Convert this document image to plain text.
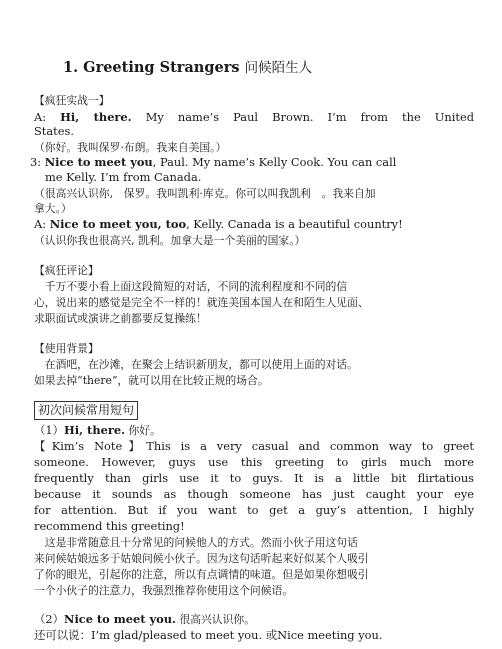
1. Greeting Strangers 问候陌生人
【疯狂实战一】
A: Hi, there. My name’s Paul Brown. I’m from the United
States.
（你好。我叫保罗·布朗。我来自美国。）
3: Nice to meet you, Paul. My name’s Kelly Cook. You can call
me Kelly. I’m from Canada.
（很高兴认识你,　保罗。我叫凯利·库克。你可以叫我凯利　。我来自加
拿大。）
A: Nice to meet you, too, Kelly. Canada is a beautiful country!
（认识你我也很高兴, 凯利。加拿大是一个美丽的国家。）
【疯狂评论】
　千万不要小看上面这段简短的对话，不同的流利程度和不同的信
心，说出来的感觉是完全不一样的！就连美国本国人在和陌生人见面、
求职面试或演讲之前都要反复操练！
【使用背景】
　在酒吧，在沙滩，在聚会上结识新朋友，都可以使用上面的对话。
如果去掉“there”，就可以用在比较正规的场合。
初次问候常用短句
（1）Hi, there. 你好。
【Kim’s Note】This is a very casual and common way to greet
someone. However, guys use this greeting to girls much more
frequently than girls use it to guys. It is a little bit flirtatious
because it sounds as though someone has just caught your eye
for attention. But if you want to get a guy’s attention, I highly
recommend this greeting!
　这是非常随意且十分常见的问候他人的方式。然而小伙子用这句话
来问候姑娘远多于姑娘问候小伙子。因为这句话听起来好似某个人吸引
了你的眼光，引起你的注意，所以有点调情的味道。但是如果你想吸引
一个小伙子的注意力，我强烈推荐你使用这个问候语。
（2）Nice to meet you. 很高兴认识你。
还可以说：I’m glad/pleased to meet you. 或Nice meeting you.
